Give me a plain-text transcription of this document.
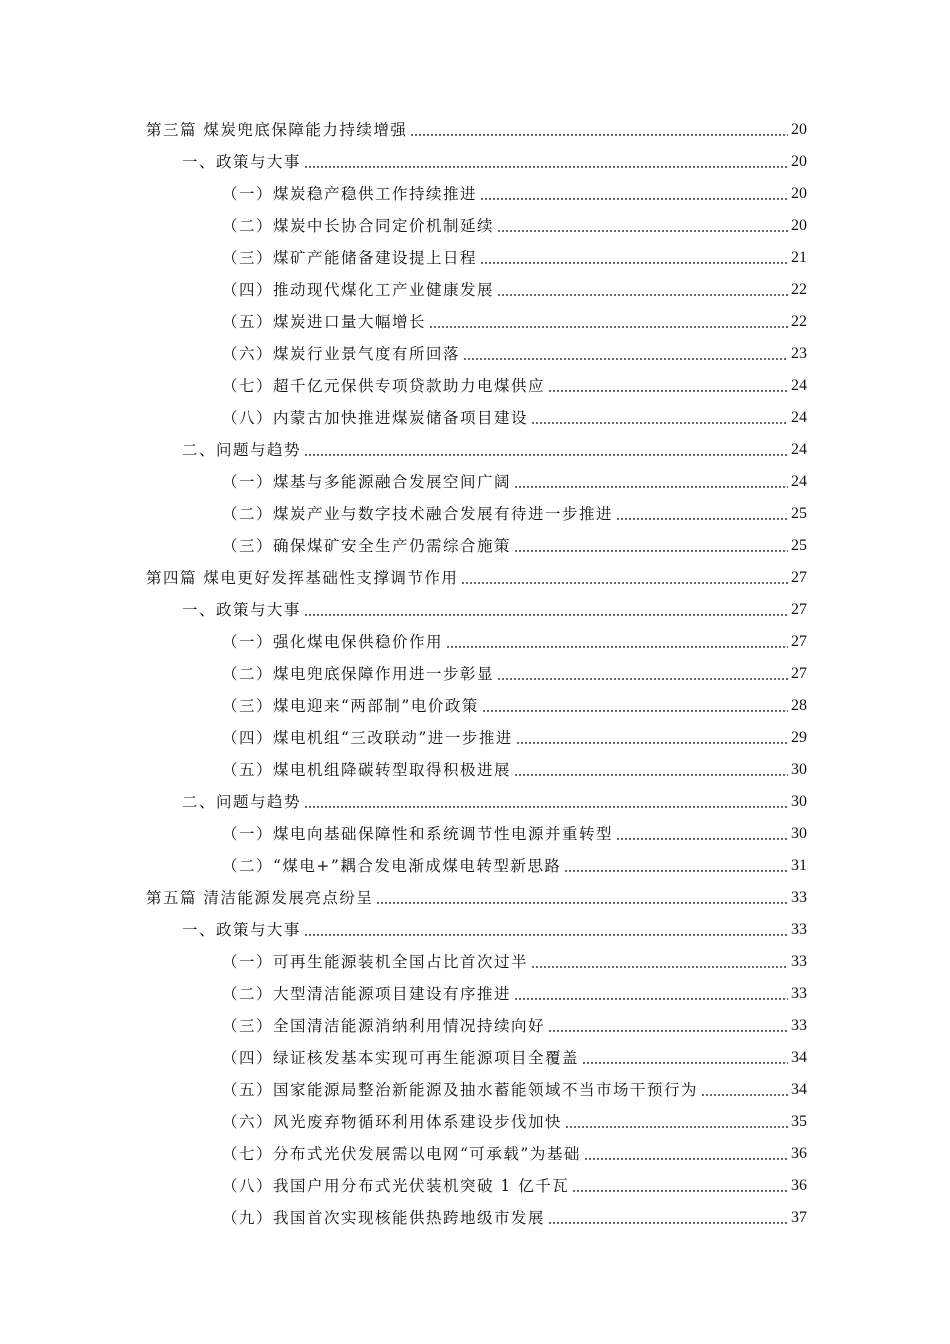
第三篇 煤炭兜底保障能力持续增强	20
一、政策与大事	20
（一）煤炭稳产稳供工作持续推进	20
（二）煤炭中长协合同定价机制延续	20
（三）煤矿产能储备建设提上日程	21
（四）推动现代煤化工产业健康发展	22
（五）煤炭进口量大幅增长	22
（六）煤炭行业景气度有所回落	23
（七）超千亿元保供专项贷款助力电煤供应	24
（八）内蒙古加快推进煤炭储备项目建设	24
二、问题与趋势	24
（一）煤基与多能源融合发展空间广阔	24
（二）煤炭产业与数字技术融合发展有待进一步推进	25
（三）确保煤矿安全生产仍需综合施策	25
第四篇 煤电更好发挥基础性支撑调节作用	27
一、政策与大事	27
（一）强化煤电保供稳价作用	27
（二）煤电兜底保障作用进一步彰显	27
（三）煤电迎来“两部制”电价政策	28
（四）煤电机组“三改联动”进一步推进	29
（五）煤电机组降碳转型取得积极进展	30
二、问题与趋势	30
（一）煤电向基础保障性和系统调节性电源并重转型	30
（二）“煤电+”耦合发电渐成煤电转型新思路	31
第五篇 清洁能源发展亮点纷呈	33
一、政策与大事	33
（一）可再生能源装机全国占比首次过半	33
（二）大型清洁能源项目建设有序推进	33
（三）全国清洁能源消纳利用情况持续向好	33
（四）绿证核发基本实现可再生能源项目全覆盖	34
（五）国家能源局整治新能源及抽水蓄能领域不当市场干预行为	34
（六）风光废弃物循环利用体系建设步伐加快	35
（七）分布式光伏发展需以电网“可承载”为基础	36
（八）我国户用分布式光伏装机突破 1 亿千瓦	36
（九）我国首次实现核能供热跨地级市发展	37
